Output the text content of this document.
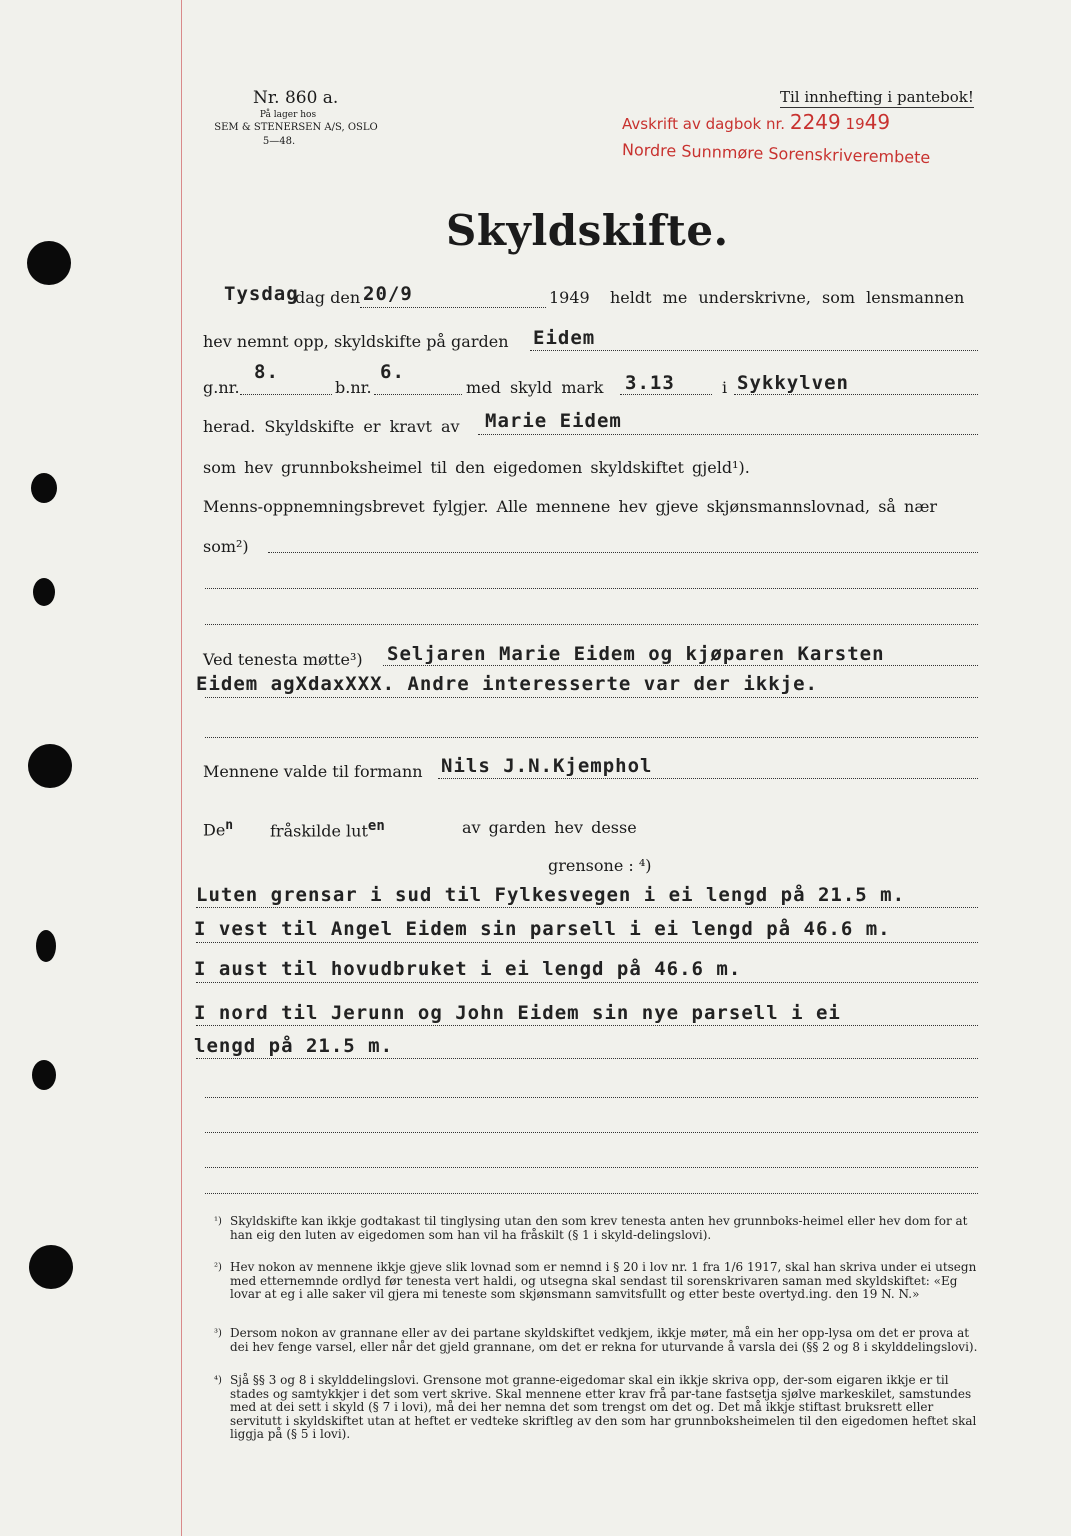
Nr. 860 a.
På lager hos
SEM & STENERSEN A/S, OSLO
5—48.
Til innhefting i pantebok!
Avskrift av dagbok nr. 2249 1949
Nordre Sunnmøre Sorenskriverembete
Skyldskifte.
Tysdag
dag den 20/9	1949 heldt me underskrivne, som lensmannen
hev nemnt opp, skyldskifte på garden Eidem
g.nr.
8.
b.nr.
6.
med skyld mark 3.13	i Sykkylven
herad. Skyldskifte er kravt av Marie Eidem
som hev grunnboksheimel til den eigedomen skyldskiftet gjeld¹).
Menns-oppnemningsbrevet fylgjer. Alle mennene hev gjeve skjønsmannslovnad, så nær
som²)
Ved tenesta møtte³) Seljaren Marie Eidem og kjøparen Karsten
Eidem agXdaxXXX. Andre interesserte var der ikkje.
Mennene valde til formann Nils J.N.Kjemphol
De$^n$ fråskilde lut$^{en}$	av garden hev desse
grensone : ⁴)
Luten grensar i sud til Fylkesvegen i ei lengd på 21.5 m.
I vest til Angel Eidem sin parsell i ei lengd på 46.6 m.
I aust til hovudbruket i ei lengd på 46.6 m.
I nord til Jerunn og John Eidem sin nye parsell i ei
lengd på 21.5 m.
¹) Skyldskifte kan ikkje godtakast til tinglysing utan den som krev tenesta anten hev grunnboks-heimel eller hev dom for at han eig den luten av eigedomen som han vil ha fråskilt (§ 1 i skyld-delingslovi).
²) Hev nokon av mennene ikkje gjeve slik lovnad som er nemnd i § 20 i lov nr. 1 fra 1/6 1917, skal han skriva under ei utsegn med etternemnde ordlyd før tenesta vert haldi, og utsegna skal sendast til sorenskrivaren saman med skyldskiftet: «Eg lovar at eg i alle saker vil gjera mi teneste som skjønsmann samvitsfullt og etter beste overtyd.ing. den 19 N. N.»
³) Dersom nokon av grannane eller av dei partane skyldskiftet vedkjem, ikkje møter, må ein her opp-lysa om det er prova at dei hev fenge varsel, eller når det gjeld grannane, om det er rekna for uturvande å varsla dei (§§ 2 og 8 i skylddelingslovi).
⁴) Sjå §§ 3 og 8 i skylddelingslovi. Grensone mot granne-eigedomar skal ein ikkje skriva opp, der-som eigaren ikkje er til stades og samtykkjer i det som vert skrive. Skal mennene etter krav frå par-tane fastsetja sjølve markeskilet, samstundes med at dei sett i skyld (§ 7 i lovi), må dei her nemna det som trengst om det og. Det må ikkje stiftast bruksrett eller servitutt i skyldskiftet utan at heftet er vedteke skriftleg av den som har grunnboksheimelen til den eigedomen heftet skal liggja på (§ 5 i lovi).
